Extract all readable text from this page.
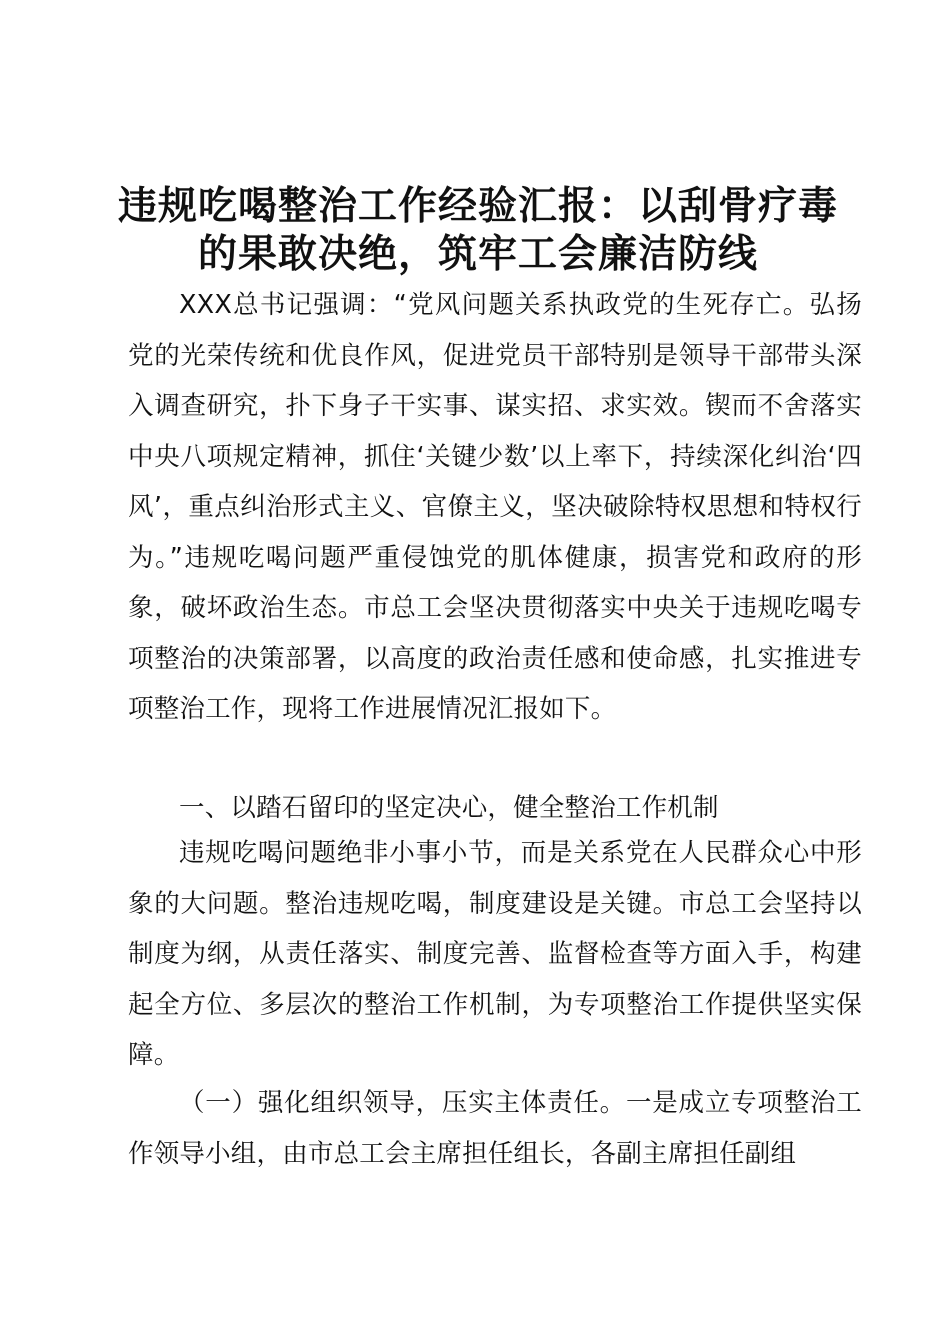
违规吃喝整治工作经验汇报：以刮骨疗毒的果敢决绝，筑牢工会廉洁防线

XXX总书记强调：“党风问题关系执政党的生死存亡。弘扬党的光荣传统和优良作风，促进党员干部特别是领导干部带头深入调查研究，扑下身子干实事、谋实招、求实效。锲而不舍落实中央八项规定精神，抓住‘关键少数’以上率下，持续深化纠治‘四风’，重点纠治形式主义、官僚主义，坚决破除特权思想和特权行为。”违规吃喝问题严重侵蚀党的肌体健康，损害党和政府的形象，破坏政治生态。市总工会坚决贯彻落实中央关于违规吃喝专项整治的决策部署，以高度的政治责任感和使命感，扎实推进专项整治工作，现将工作进展情况汇报如下。

一、以踏石留印的坚定决心，健全整治工作机制

违规吃喝问题绝非小事小节，而是关系党在人民群众心中形象的大问题。整治违规吃喝，制度建设是关键。市总工会坚持以制度为纲，从责任落实、制度完善、监督检查等方面入手，构建起全方位、多层次的整治工作机制，为专项整治工作提供坚实保障。

（一）强化组织领导，压实主体责任。一是成立专项整治工作领导小组，由市总工会主席担任组长，各副主席担任副组
